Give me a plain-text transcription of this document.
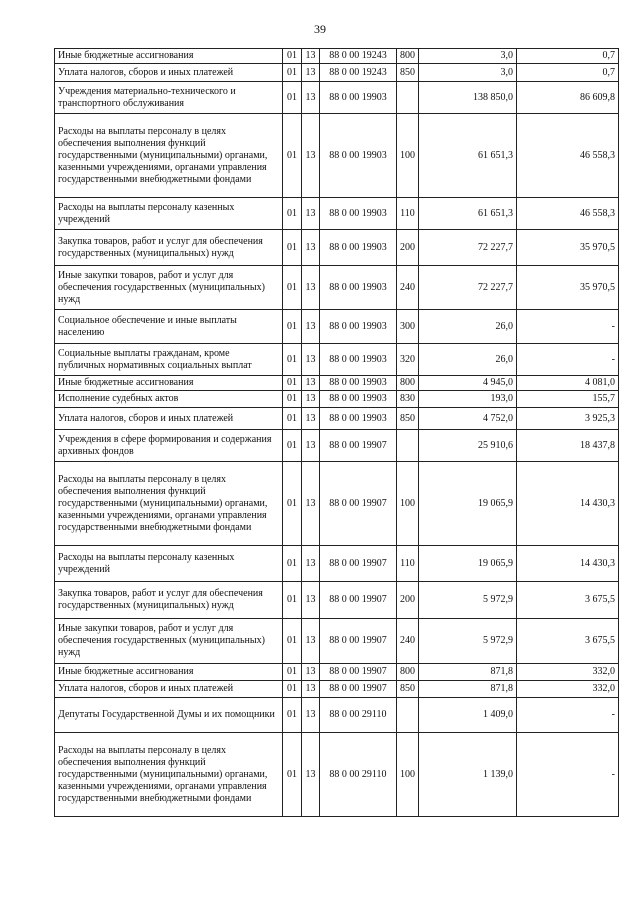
39
Иные бюджетные ассигнования	01	13	88 0 00 19243	800	3,0	0,7
Уплата налогов, сборов и иных платежей	01	13	88 0 00 19243	850	3,0	0,7
Учреждения материально-технического и транспортного обслуживания	01	13	88 0 00 19903		138 850,0	86 609,8
Расходы на выплаты персоналу в целях обеспечения выполнения функций государственными (муниципальными) органами, казенными учреждениями, органами управления государственными внебюджетными фондами	01	13	88 0 00 19903	100	61 651,3	46 558,3
Расходы на выплаты персоналу казенных учреждений	01	13	88 0 00 19903	110	61 651,3	46 558,3
Закупка товаров, работ и услуг для обеспечения государственных (муниципальных) нужд	01	13	88 0 00 19903	200	72 227,7	35 970,5
Иные закупки товаров, работ и услуг для обеспечения государственных (муниципальных) нужд	01	13	88 0 00 19903	240	72 227,7	35 970,5
Социальное обеспечение и иные выплаты населению	01	13	88 0 00 19903	300	26,0	-
Социальные выплаты гражданам, кроме публичных нормативных социальных выплат	01	13	88 0 00 19903	320	26,0	-
Иные бюджетные ассигнования	01	13	88 0 00 19903	800	4 945,0	4 081,0
Исполнение судебных актов	01	13	88 0 00 19903	830	193,0	155,7
Уплата налогов, сборов и иных платежей	01	13	88 0 00 19903	850	4 752,0	3 925,3
Учреждения в сфере формирования и содержания архивных фондов	01	13	88 0 00 19907		25 910,6	18 437,8
Расходы на выплаты персоналу в целях обеспечения выполнения функций государственными (муниципальными) органами, казенными учреждениями, органами управления государственными внебюджетными фондами	01	13	88 0 00 19907	100	19 065,9	14 430,3
Расходы на выплаты персоналу казенных учреждений	01	13	88 0 00 19907	110	19 065,9	14 430,3
Закупка товаров, работ и услуг для обеспечения государственных (муниципальных) нужд	01	13	88 0 00 19907	200	5 972,9	3 675,5
Иные закупки товаров, работ и услуг для обеспечения государственных (муниципальных) нужд	01	13	88 0 00 19907	240	5 972,9	3 675,5
Иные бюджетные ассигнования	01	13	88 0 00 19907	800	871,8	332,0
Уплата налогов, сборов и иных платежей	01	13	88 0 00 19907	850	871,8	332,0
Депутаты Государственной Думы и их помощники	01	13	88 0 00 29110		1 409,0	-
Расходы на выплаты персоналу в целях обеспечения выполнения функций государственными (муниципальными) органами, казенными учреждениями, органами управления государственными внебюджетными фондами	01	13	88 0 00 29110	100	1 139,0	-
